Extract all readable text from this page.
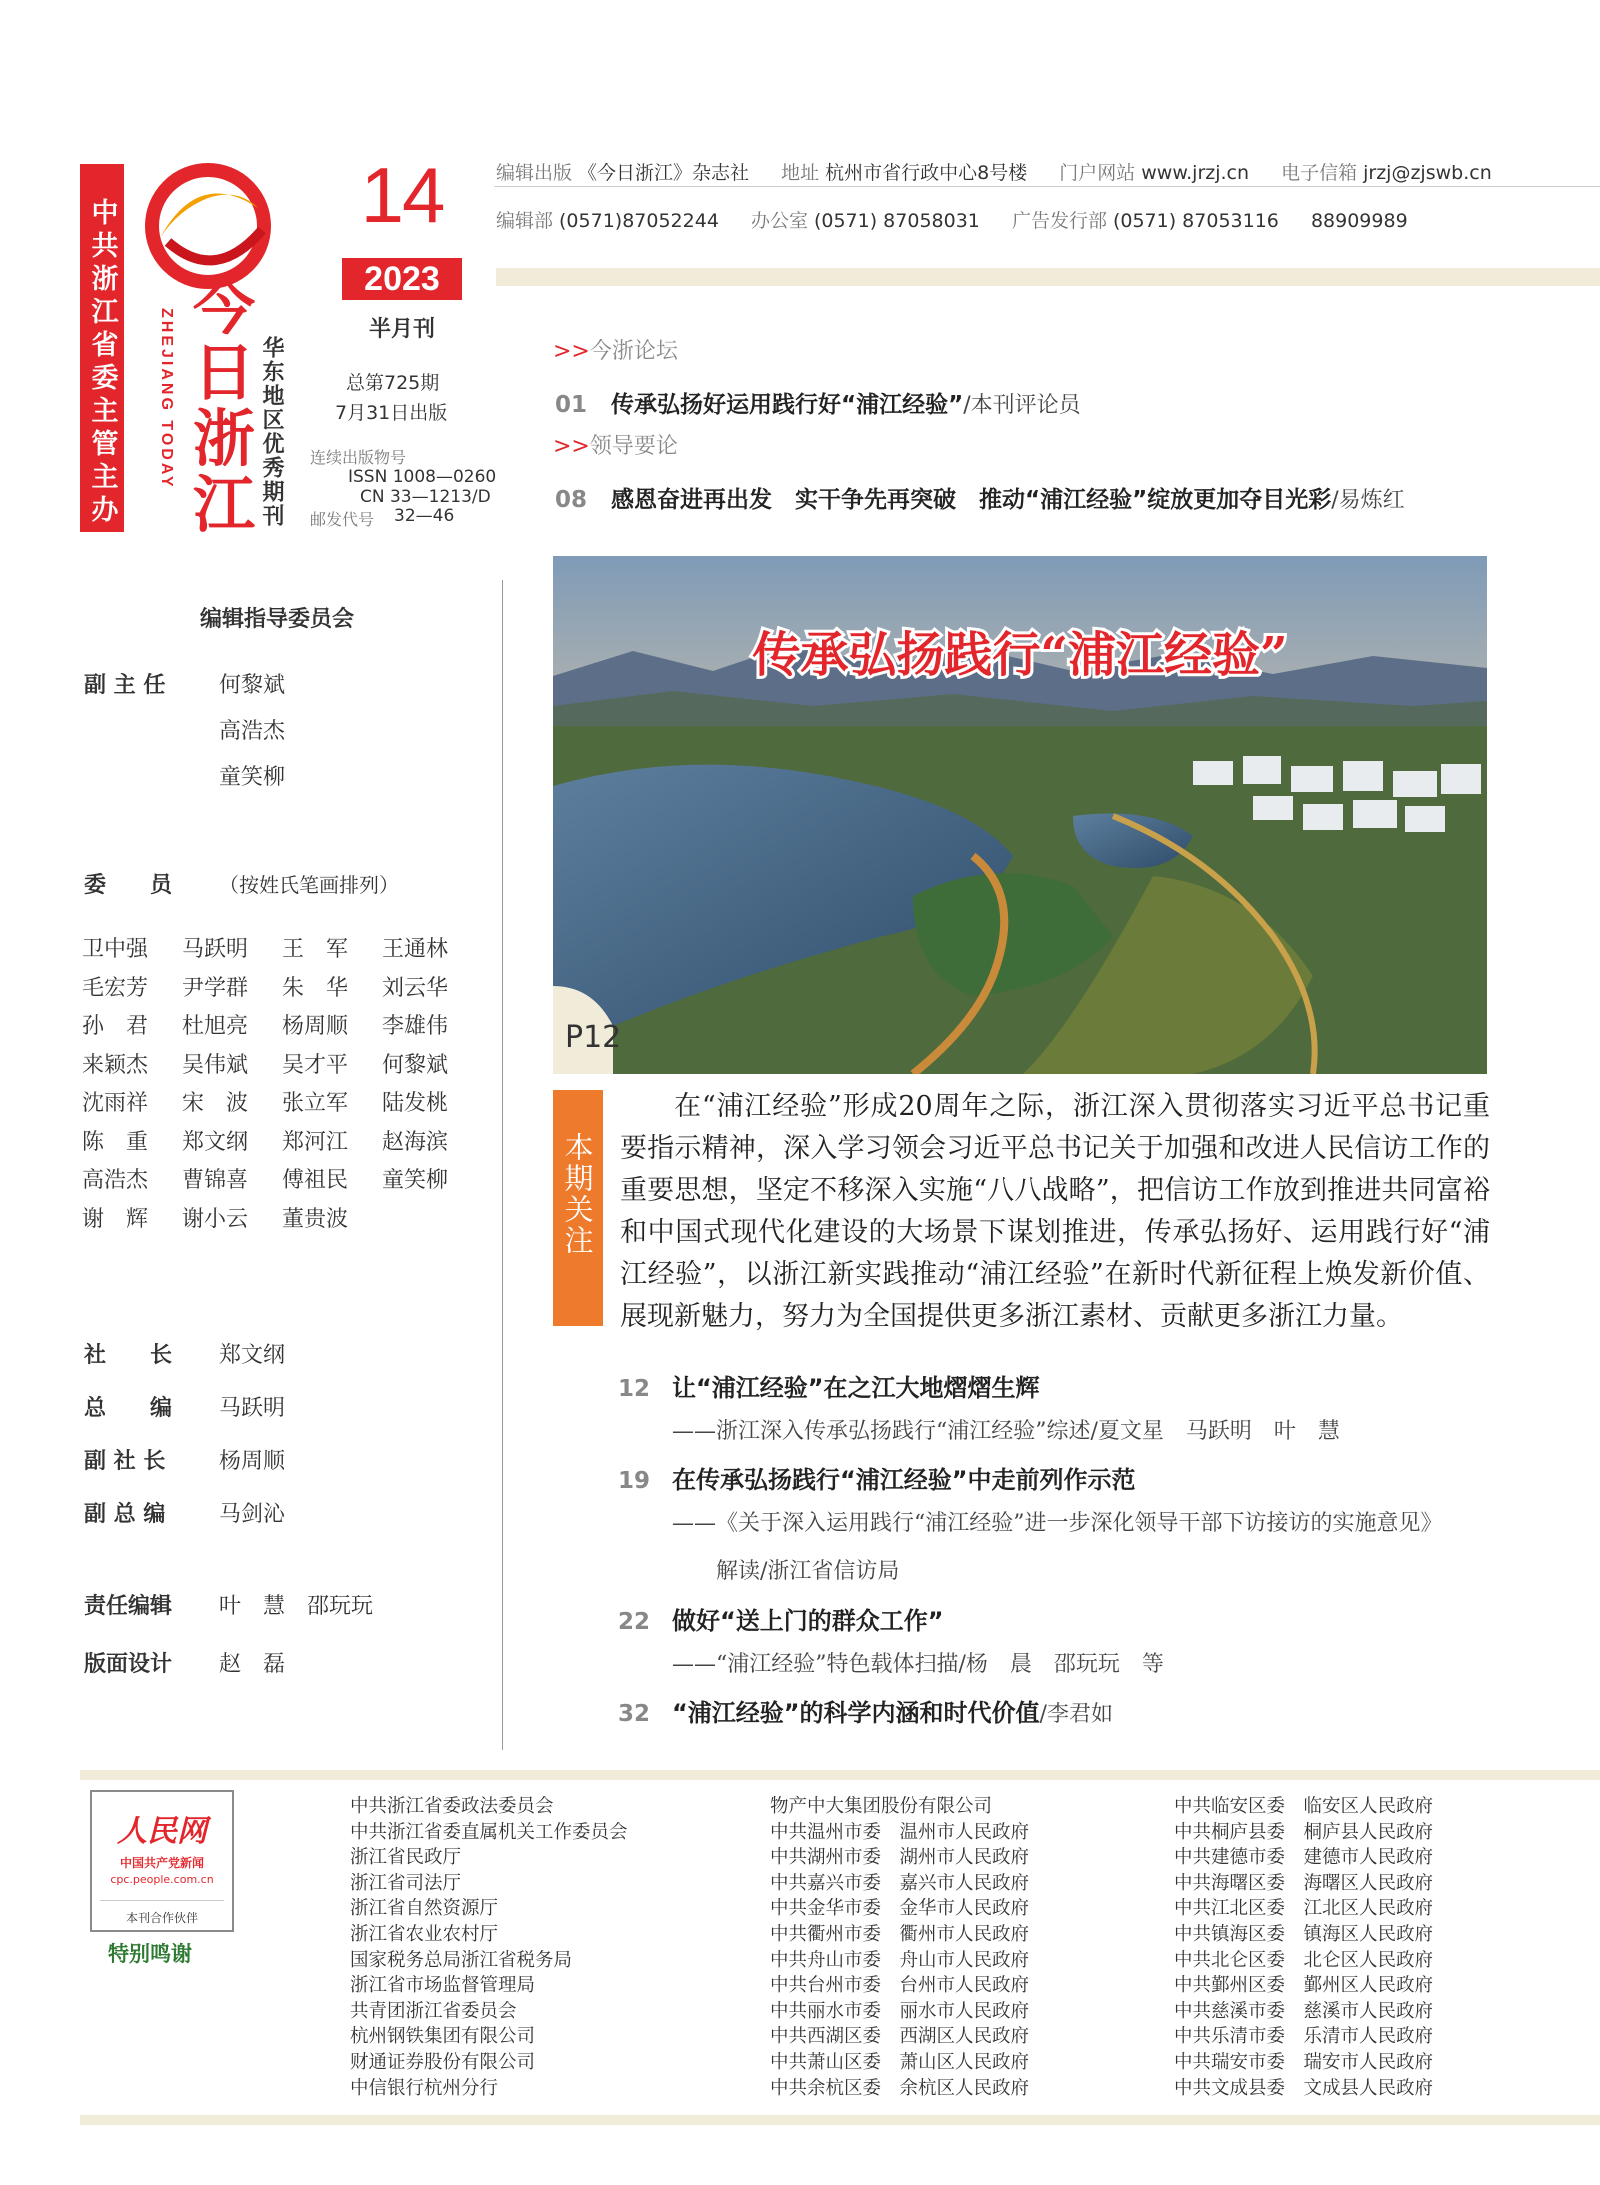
中共浙江省委主管主办 今
日
浙
江
ZHEJIANG TODAY	华东地区优秀期刊
14
2023
半月刊
总第725期
7月31日出版
连续出版物号
ISSN 1008—0260
CN 33—1213/D
邮发代号 32—46
编辑出版 《今日浙江》杂志社 地址 杭州市省行政中心8号楼 门户网站 www.jrzj.cn 电子信箱 jrzj@zjswb.cn
编辑部 (0571)87052244 办公室 (0571) 87058031 广告发行部 (0571) 87053116 88909989
>>今浙论坛
01 传承弘扬好运用践行好“浦江经验”/本刊评论员
>>领导要论
08 感恩奋进再出发　实干争先再突破　推动“浦江经验”绽放更加夺目光彩/易炼红
编辑指导委员会
副 主 任 何黎斌
高浩杰
童笑柳
委　　员 （按姓氏笔画排列）
卫中强 马跃明 王　军 王通林
毛宏芳 尹学群 朱　华 刘云华
孙　君 杜旭亮 杨周顺 李雄伟
来颖杰 吴伟斌 吴才平 何黎斌
沈雨祥 宋　波 张立军 陆发桃
陈　重 郑文纲 郑河江 赵海滨
高浩杰 曹锦喜 傅祖民 童笑柳
谢　辉 谢小云 董贵波
社　　长 郑文纲
总　　编 马跃明
副 社 长 杨周顺
副 总 编 马剑沁
责任编辑 叶　慧　邵玩玩
版面设计 赵　磊
传承弘扬践行“浦江经验”
P12
本期关注
在“浦江经验”形成20周年之际，浙江深入贯彻落实习近平总书记重要指示精神，深入学习领会习近平总书记关于加强和改进人民信访工作的重要思想，坚定不移深入实施“八八战略”，把信访工作放到推进共同富裕和中国式现代化建设的大场景下谋划推进，传承弘扬好、运用践行好“浦江经验”，以浙江新实践推动“浦江经验”在新时代新征程上焕发新价值、展现新魅力，努力为全国提供更多浙江素材、贡献更多浙江力量。
12 让“浦江经验”在之江大地熠熠生辉
——浙江深入传承弘扬践行“浦江经验”综述/夏文星　马跃明　叶　慧
19 在传承弘扬践行“浦江经验”中走前列作示范
——《关于深入运用践行“浦江经验”进一步深化领导干部下访接访的实施意见》
解读/浙江省信访局
22 做好“送上门的群众工作”
——“浦江经验”特色载体扫描/杨　晨　邵玩玩　等
32 “浦江经验”的科学内涵和时代价值/李君如
人民网
中国共产党新闻
cpc.people.com.cn
本刊合作伙伴
特别鸣谢
中共浙江省委政法委员会
中共浙江省委直属机关工作委员会
浙江省民政厅
浙江省司法厅
浙江省自然资源厅
浙江省农业农村厅
国家税务总局浙江省税务局
浙江省市场监督管理局
共青团浙江省委员会
杭州钢铁集团有限公司
财通证券股份有限公司
中信银行杭州分行
物产中大集团股份有限公司
中共温州市委　温州市人民政府
中共湖州市委　湖州市人民政府
中共嘉兴市委　嘉兴市人民政府
中共金华市委　金华市人民政府
中共衢州市委　衢州市人民政府
中共舟山市委　舟山市人民政府
中共台州市委　台州市人民政府
中共丽水市委　丽水市人民政府
中共西湖区委　西湖区人民政府
中共萧山区委　萧山区人民政府
中共余杭区委　余杭区人民政府
中共临安区委　临安区人民政府
中共桐庐县委　桐庐县人民政府
中共建德市委　建德市人民政府
中共海曙区委　海曙区人民政府
中共江北区委　江北区人民政府
中共镇海区委　镇海区人民政府
中共北仑区委　北仑区人民政府
中共鄞州区委　鄞州区人民政府
中共慈溪市委　慈溪市人民政府
中共乐清市委　乐清市人民政府
中共瑞安市委　瑞安市人民政府
中共文成县委　文成县人民政府
